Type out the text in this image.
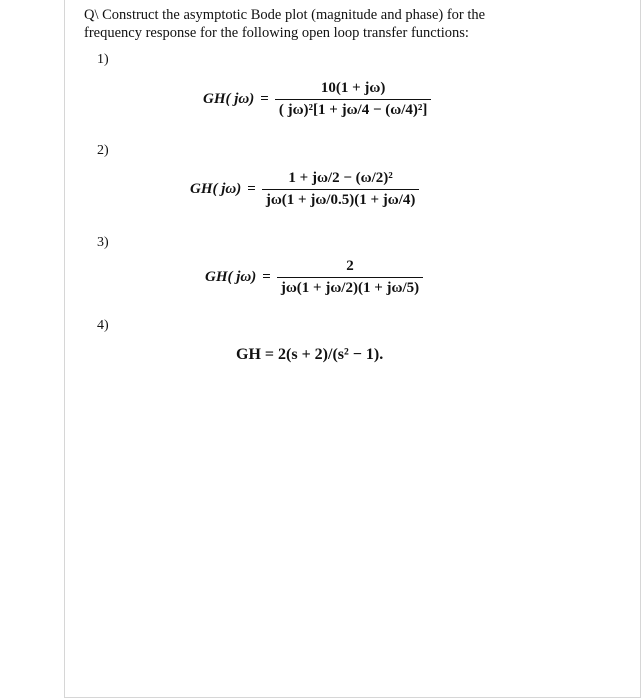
Q\ Construct the asymptotic Bode plot (magnitude and phase) for the
frequency response for the following open loop transfer functions:
1)
GH( $j\omega) = \frac{10(1 + j\omega)}{\text{( jω)²[1 + jω/4 − (ω/4)²]}}$
2)
GH( $j\omega) = \frac{\text{1 + jω/2 − (ω/2)²}}{j\omega(1 + j\omega/0.5)(1 + j\omega/4)}$
3)
GH( $j\omega) = \frac{2}{j\omega(1 + j\omega/2)(1 + j\omega/5)}$
4)
GH = 2(s + 2)/(s² − 1).
